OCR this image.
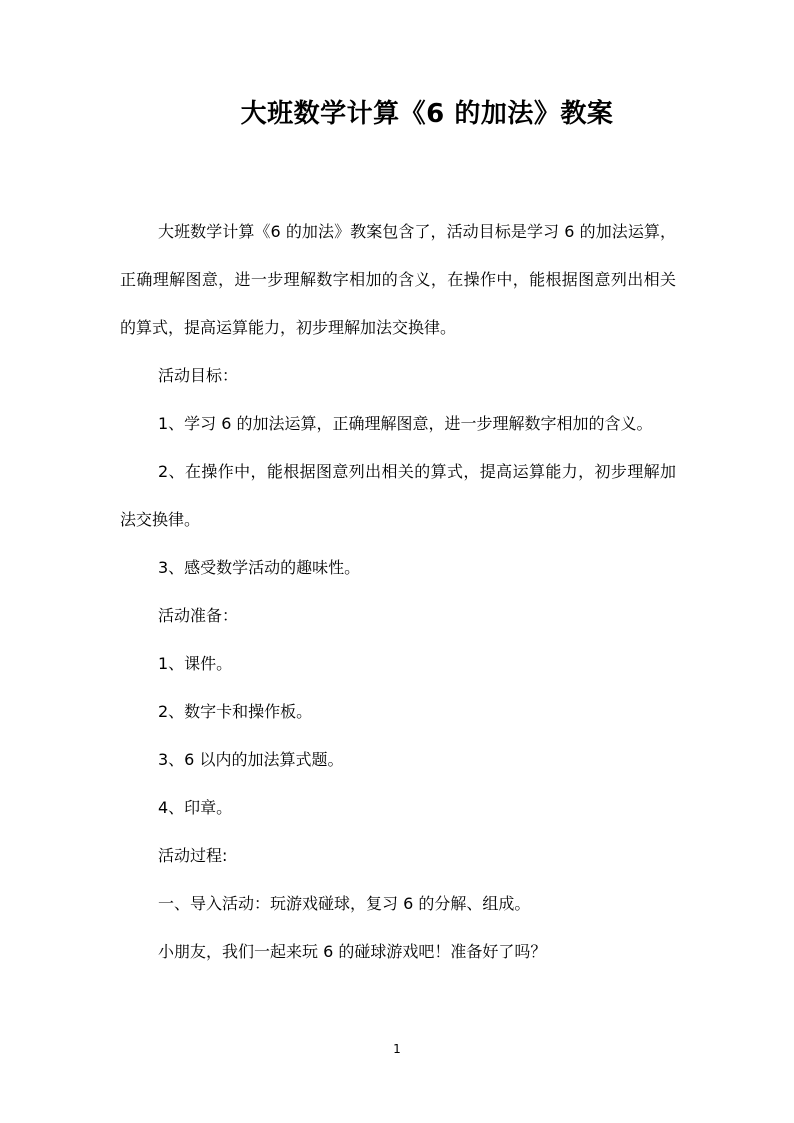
大班数学计算《6 的加法》教案

大班数学计算《6 的加法》教案包含了，活动目标是学习 6 的加法运算，正确理解图意，进一步理解数字相加的含义，在操作中，能根据图意列出相关的算式，提高运算能力，初步理解加法交换律。

活动目标：

1、学习 6 的加法运算，正确理解图意，进一步理解数字相加的含义。

2、在操作中，能根据图意列出相关的算式，提高运算能力，初步理解加法交换律。

3、感受数学活动的趣味性。

活动准备：

1、课件。

2、数字卡和操作板。

3、6 以内的加法算式题。

4、印章。

活动过程:

一、导入活动：玩游戏碰球，复习 6 的分解、组成。

小朋友，我们一起来玩 6 的碰球游戏吧！准备好了吗？

1
